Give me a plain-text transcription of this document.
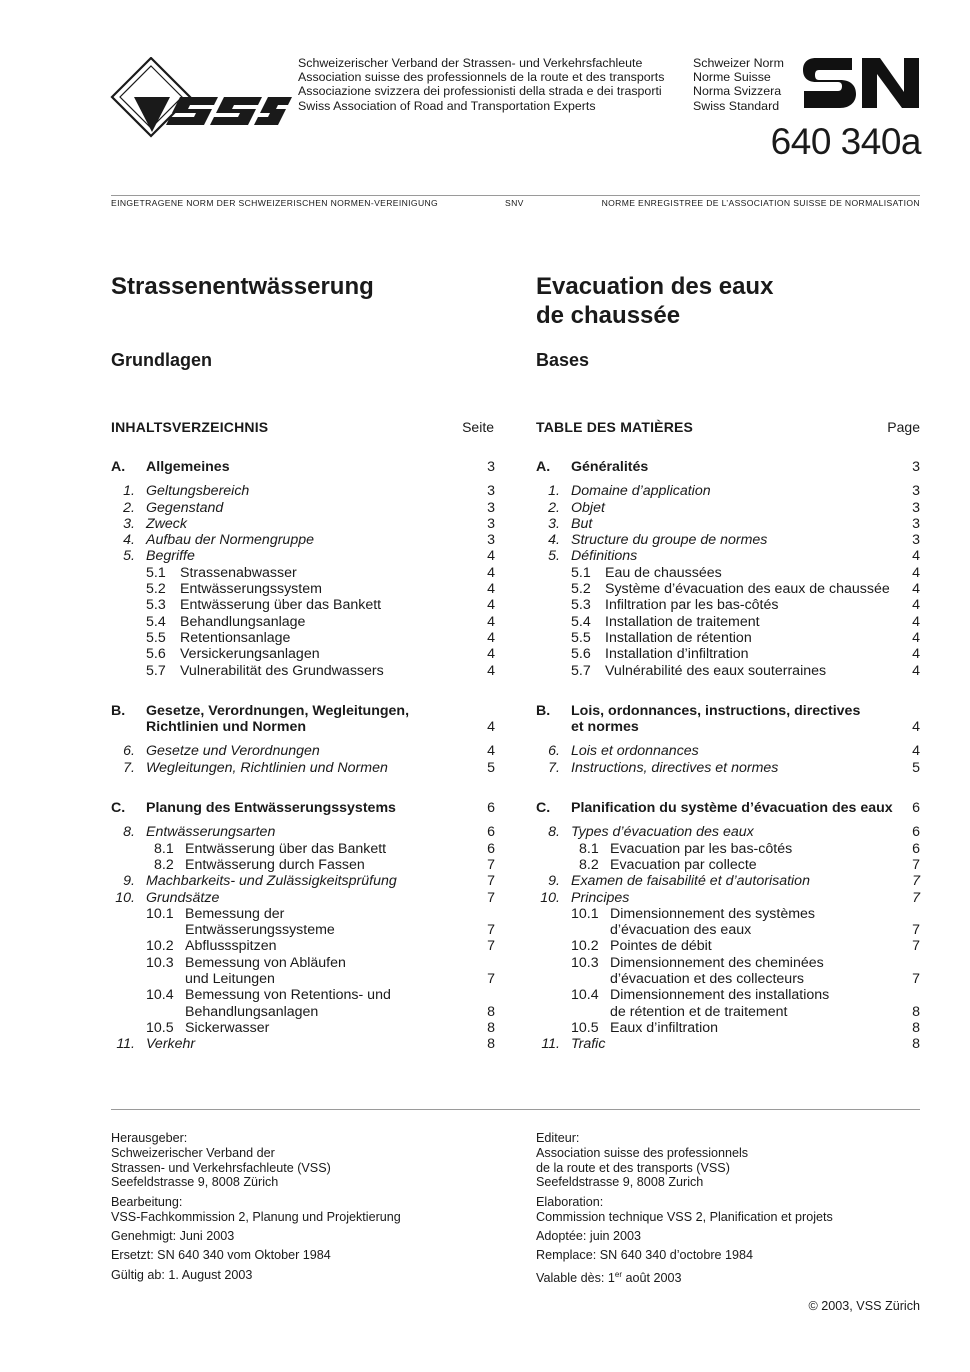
Schweizerischer Verband der Strassen- und Verkehrsfachleute
Association suisse des professionnels de la route et des transports
Associazione svizzera dei professionisti della strada e dei trasporti
Swiss Association of Road and Transportation Experts
Schweizer Norm
Norme Suisse
Norma Svizzera
Swiss Standard
640 340a
EINGETRAGENE NORM DER SCHWEIZERISCHEN NORMEN-VEREINIGUNG	SNV	NORME ENREGISTREE DE L’ASSOCIATION SUISSE DE NORMALISATION
Strassenentwässerung	Evacuation des eaux
de chaussée
Grundlagen	Bases
INHALTSVERZEICHNIS	Seite	TABLE DES MATIÈRES	Page
A.	Allgemeines	3
1. Geltungsbereich	3
2. Gegenstand	3
3. Zweck	3
4. Aufbau der Normengruppe	3
5. Begriffe	4
5.1	Strassenabwasser	4
5.2	Entwässerungssystem	4
5.3	Entwässerung über das Bankett	4
5.4	Behandlungsanlage	4
5.5	Retentionsanlage	4
5.6	Versickerungsanlagen	4
5.7	Vulnerabilität des Grundwassers	4
B.	Gesetze, Verordnungen, Wegleitungen,
Richtlinien und Normen	4
6. Gesetze und Verordnungen	4
7. Wegleitungen, Richtlinien und Normen	5
C.	Planung des Entwässerungssystems	6
8. Entwässerungsarten	6
8.1 Entwässerung über das Bankett	6
8.2 Entwässerung durch Fassen	7
9. Machbarkeits- und Zulässigkeitsprüfung	7
10. Grundsätze	7
10.1 Bemessung der
Entwässerungssysteme	7
10.2 Abflussspitzen	7
10.3 Bemessung von Abläufen
und Leitungen	7
10.4 Bemessung von Retentions- und
Behandlungsanlagen	8
10.5 Sickerwasser	8
11. Verkehr	8
A.	Généralités	3
1. Domaine d’application	3
2. Objet	3
3. But	3
4. Structure du groupe de normes	3
5. Définitions	4
5.1	Eau de chaussées	4
5.2	Système d’évacuation des eaux de chaussée	4
5.3	Infiltration par les bas-côtés	4
5.4	Installation de traitement	4
5.5	Installation de rétention	4
5.6	Installation d’infiltration	4
5.7	Vulnérabilité des eaux souterraines	4
B.	Lois, ordonnances, instructions, directives
et normes	4
6. Lois et ordonnances	4
7. Instructions, directives et normes	5
C.	Planification du système d’évacuation des eaux	6
8. Types d’évacuation des eaux	6
8.1 Evacuation par les bas-côtés	6
8.2 Evacuation par collecte	7
9. Examen de faisabilité et d’autorisation	7
10. Principes	7
10.1 Dimensionnement des systèmes
d’évacuation des eaux	7
10.2 Pointes de débit	7
10.3 Dimensionnement des cheminées
d’évacuation et des collecteurs	7
10.4 Dimensionnement des installations
de rétention et de traitement	8
10.5 Eaux d’infiltration	8
11. Trafic	8

Herausgeber:
Schweizerischer Verband der
Strassen- und Verkehrsfachleute (VSS)
Seefeldstrasse 9, 8008 Zürich

Bearbeitung:
VSS-Fachkommission 2, Planung und Projektierung

Genehmigt: Juni 2003

Ersetzt: SN 640 340 vom Oktober 1984

Gültig ab: 1. August 2003

Editeur:
Association suisse des professionnels
de la route et des transports (VSS)
Seefeldstrasse 9, 8008 Zurich

Elaboration:
Commission technique VSS 2, Planification et projets

Adoptée: juin 2003

Remplace: SN 640 340 d’octobre 1984

Valable dès: 1er août 2003

© 2003, VSS Zürich
